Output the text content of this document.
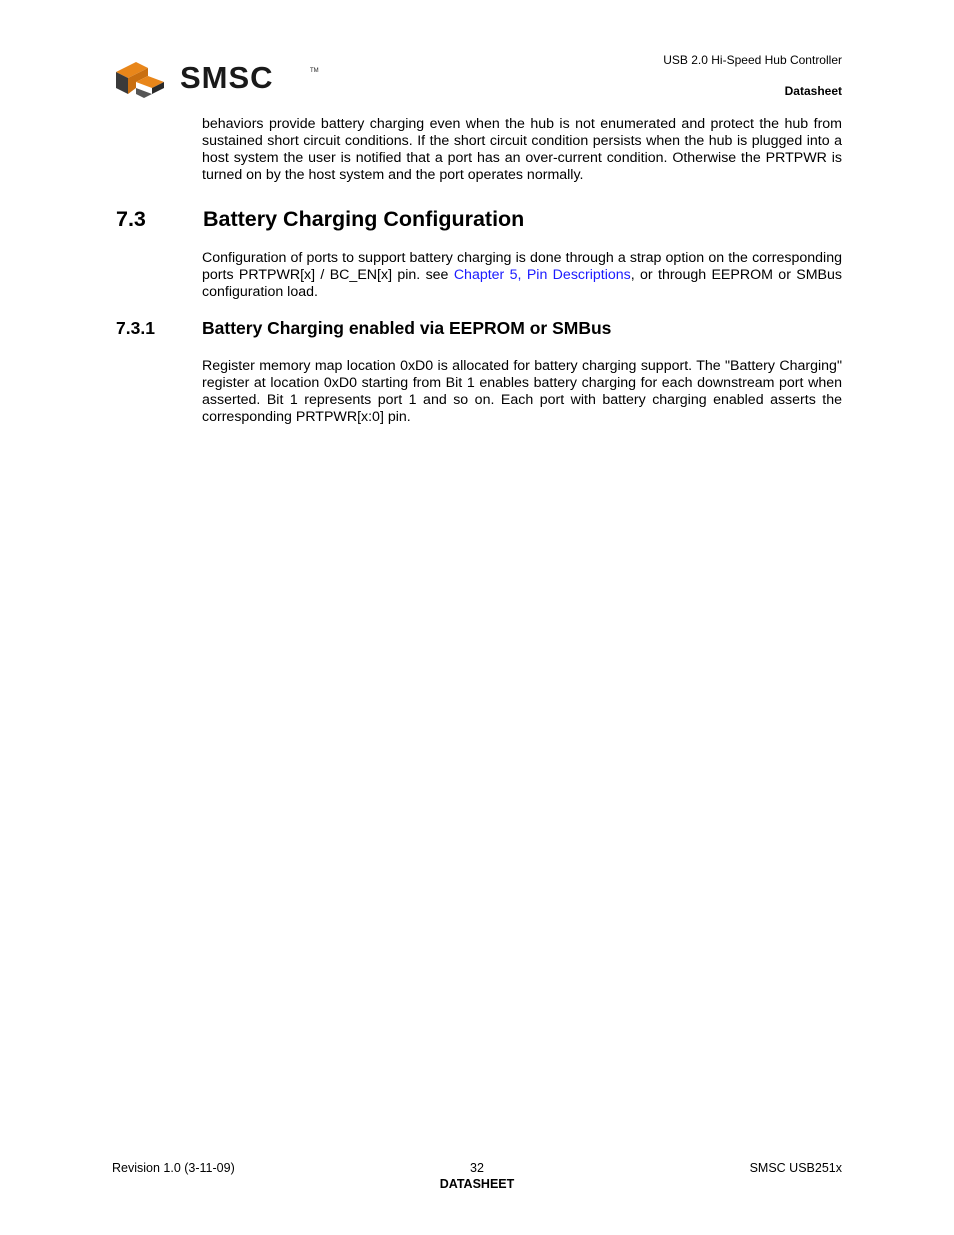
SMSC	TM
USB 2.0 Hi-Speed Hub Controller
Datasheet
behaviors provide battery charging even when the hub is not enumerated and protect the hub from sustained short circuit conditions. If the short circuit condition persists when the hub is plugged into a host system the user is notified that a port has an over-current condition. Otherwise the PRTPWR is turned on by the host system and the port operates normally.
7.3	Battery Charging Configuration
Configuration of ports to support battery charging is done through a strap option on the corresponding ports PRTPWR[x] / BC_EN[x] pin. see Chapter 5, Pin Descriptions, or through EEPROM or SMBus configuration load.
7.3.1	Battery Charging enabled via EEPROM or SMBus
Register memory map location 0xD0 is allocated for battery charging support. The "Battery Charging" register at location 0xD0 starting from Bit 1 enables battery charging for each downstream port when asserted. Bit 1 represents port 1 and so on. Each port with battery charging enabled asserts the corresponding PRTPWR[x:0] pin.
Revision 1.0 (3-11-09)	32	SMSC USB251x
DATASHEET
